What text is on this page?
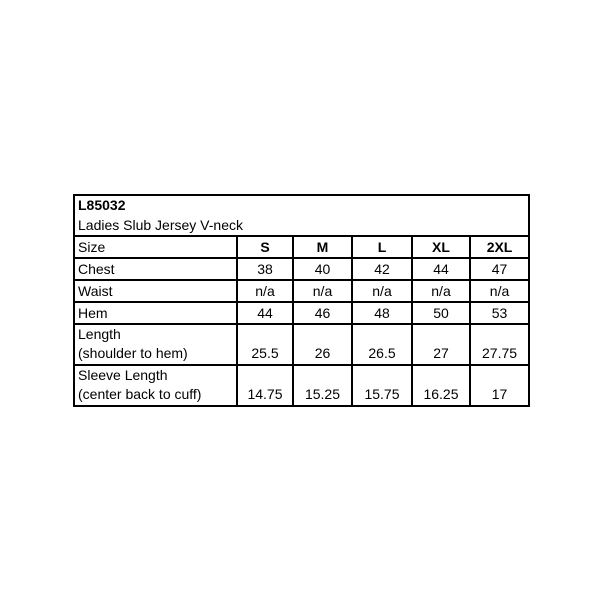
L85032					
Ladies Slub Jersey V-neck					
Size	S	M	L	XL	2XL

Chest	38	40	42	44	47

Waist	n/a	n/a	n/a	n/a	n/a

Hem	44	46	48	50	53

Length
(shoulder to hem)	25.5	26	26.5	27	27.75

Sleeve Length
(center back to cuff)	14.75	15.25	15.75	16.25	17
